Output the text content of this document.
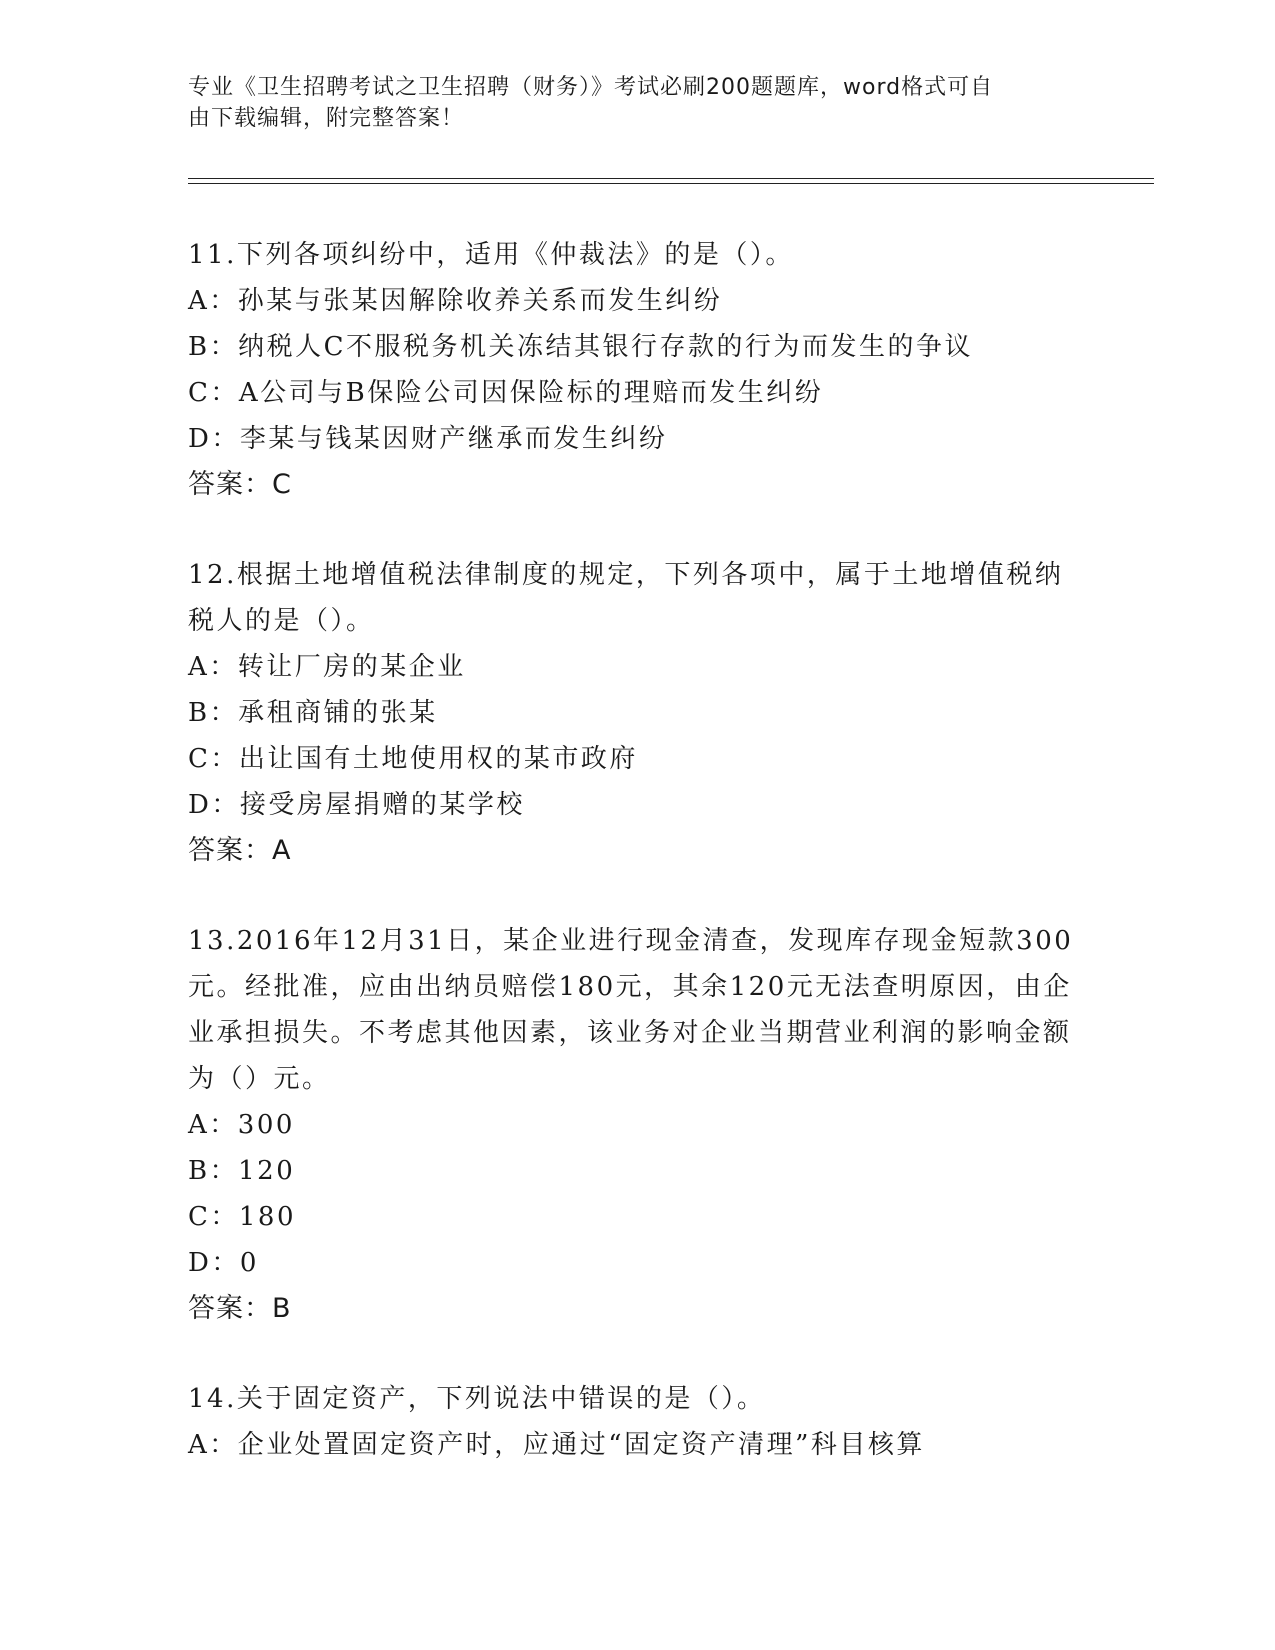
专业《卫生招聘考试之卫生招聘（财务）》考试必刷200题题库，word格式可自
由下载编辑，附完整答案！
11.下列各项纠纷中，适用《仲裁法》的是（）。
A：孙某与张某因解除收养关系而发生纠纷
B：纳税人C不服税务机关冻结其银行存款的行为而发生的争议
C：A公司与B保险公司因保险标的理赔而发生纠纷
D：李某与钱某因财产继承而发生纠纷
答案：C
12.根据土地增值税法律制度的规定，下列各项中，属于土地增值税纳税人的是（）。
A：转让厂房的某企业
B：承租商铺的张某
C：出让国有土地使用权的某市政府
D：接受房屋捐赠的某学校
答案：A
13.2016年12月31日，某企业进行现金清查，发现库存现金短款300元。经批准，应由出纳员赔偿180元，其余120元无法查明原因，由企业承担损失。不考虑其他因素，该业务对企业当期营业利润的影响金额为（）元。
A：300
B：120
C：180
D：0
答案：B
14.关于固定资产，下列说法中错误的是（）。
A：企业处置固定资产时，应通过“固定资产清理”科目核算
